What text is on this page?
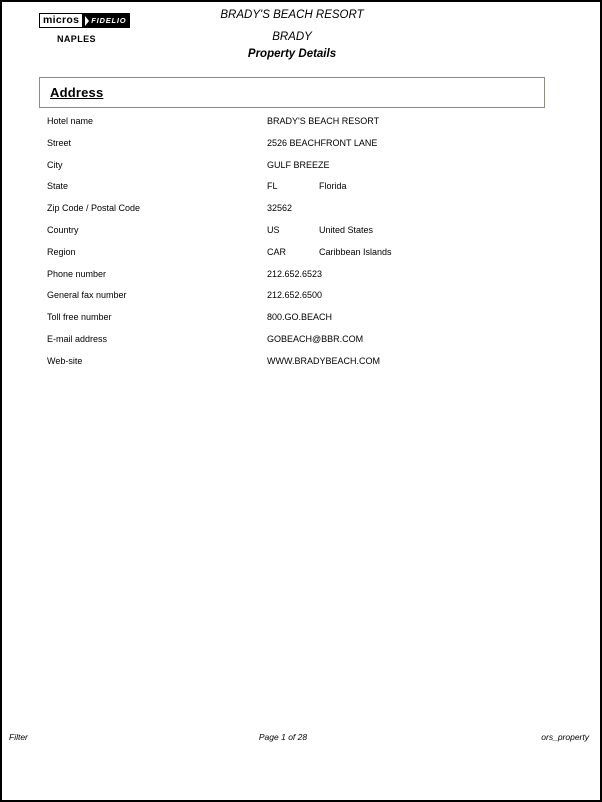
micros	FIDELIO
NAPLES
BRADY'S BEACH RESORT
BRADY
Property Details
Address
Hotel name	BRADY'S BEACH RESORT
Street	2526 BEACHFRONT LANE
City	GULF BREEZE
State	FL	Florida
Zip Code / Postal Code	32562
Country	US	United States
Region	CAR	Caribbean Islands
Phone number	212.652.6523
General fax number	212.652.6500
Toll free number	800.GO.BEACH
E-mail address	GOBEACH@BBR.COM
Web-site	WWW.BRADYBEACH.COM
Filter	Page 1 of 28	ors_property
